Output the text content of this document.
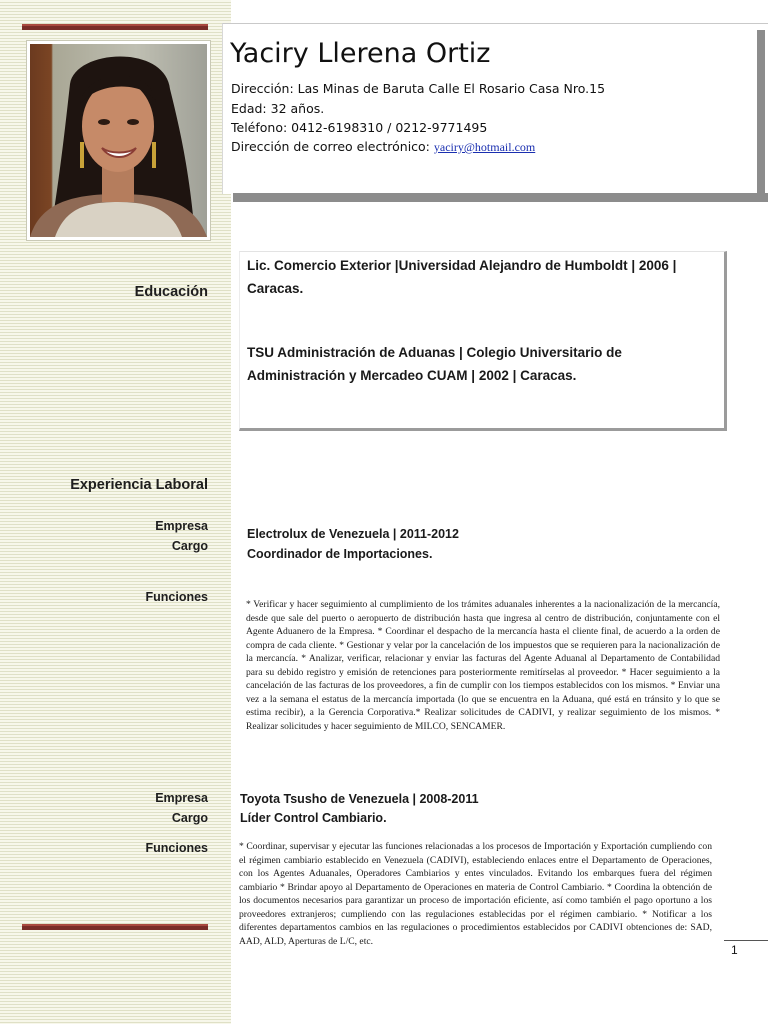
Yaciry Llerena Ortiz
Dirección: Las Minas de Baruta Calle El Rosario Casa Nro.15
Edad: 32 años.
Teléfono: 0412-6198310 / 0212-9771495
Dirección de correo electrónico: yaciry@hotmail.com
Educación
Lic. Comercio Exterior |Universidad Alejandro de Humboldt | 2006 |
Caracas.
TSU Administración de Aduanas | Colegio Universitario de
Administración y Mercadeo CUAM | 2002 | Caracas.
Experiencia Laboral
Empresa
Cargo
Funciones
Electrolux de Venezuela | 2011-2012
Coordinador de Importaciones.
* Verificar y hacer seguimiento al cumplimiento de los trámites aduanales inherentes a la nacionalización de la mercancía, desde que sale del puerto o aeropuerto de distribución hasta que ingresa al centro de distribución, conjuntamente con el Agente Aduanero de la Empresa. * Coordinar el despacho de la mercancía hasta el cliente final, de acuerdo a la orden de compra de cada cliente. * Gestionar y velar por la cancelación de los impuestos que se requieren para la nacionalización de la mercancía. * Analizar, verificar, relacionar y enviar las facturas del Agente Aduanal al Departamento de Contabilidad para su debido registro y emisión de retenciones para posteriormente remitírselas al proveedor. * Hacer seguimiento a la cancelación de las facturas de los proveedores, a fin de cumplir con los tiempos establecidos con los mismos. * Enviar una vez a la semana el estatus de la mercancía importada (lo que se encuentra en la Aduana, qué está en tránsito y lo que se estima recibir), a la Gerencia Corporativa.* Realizar solicitudes de CADIVI, y realizar seguimiento de los mismos. * Realizar solicitudes y hacer seguimiento de MILCO, SENCAMER.
Empresa
Cargo
Funciones
Toyota Tsusho de Venezuela | 2008-2011
Líder Control Cambiario.
* Coordinar, supervisar y ejecutar las funciones relacionadas a los procesos de Importación y Exportación cumpliendo con el régimen cambiario establecido en Venezuela (CADIVI), estableciendo enlaces entre el Departamento de Operaciones, con los Agentes Aduanales, Operadores Cambiarios y entes vinculados. Evitando los embarques fuera del régimen cambiario * Brindar apoyo al Departamento de Operaciones en materia de Control Cambiario. * Coordina la obtención de los documentos necesarios para garantizar un proceso de importación eficiente, así como también el pago oportuno a los proveedores extranjeros; cumpliendo con las regulaciones establecidas por el régimen cambiario. * Notificar a los diferentes departamentos cambios en las regulaciones o procedimientos establecidos por CADIVI obtenciones de: SAD, AAD, ALD, Aperturas de L/C, etc.
1
